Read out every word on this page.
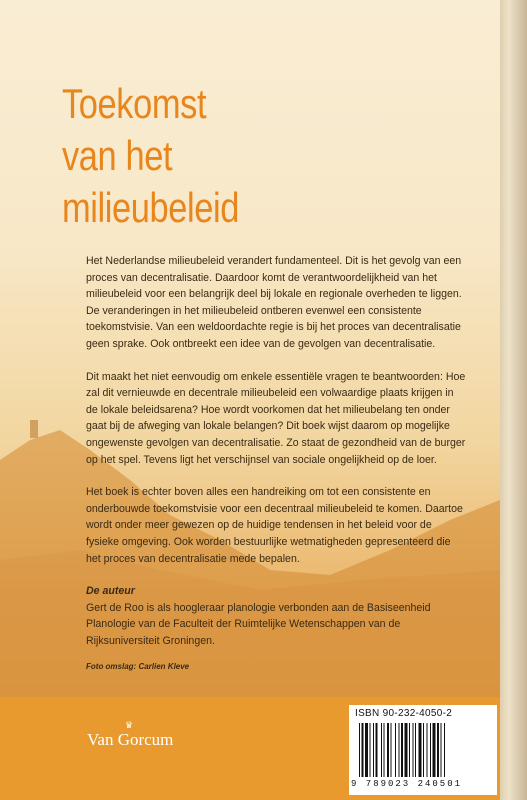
Toekomst
van het
milieubeleid

Het Nederlandse milieubeleid verandert fundamenteel. Dit is het gevolg van een proces van decentralisatie. Daardoor komt de verantwoordelijkheid van het milieubeleid voor een belangrijk deel bij lokale en regionale overheden te liggen. De veranderingen in het milieubeleid ontberen evenwel een consistente toekomstvisie. Van een weldoordachte regie is bij het proces van decentralisatie geen sprake. Ook ontbreekt een idee van de gevolgen van decentralisatie.

Dit maakt het niet eenvoudig om enkele essentiële vragen te beantwoorden: Hoe zal dit vernieuwde en decentrale milieubeleid een volwaardige plaats krijgen in de lokale beleidsarena? Hoe wordt voorkomen dat het milieubelang ten onder gaat bij de afweging van lokale belangen? Dit boek wijst daarom op mogelijke ongewenste gevolgen van decentralisatie. Zo staat de gezondheid van de burger op het spel. Tevens ligt het verschijnsel van sociale ongelijkheid op de loer.

Het boek is echter boven alles een handreiking om tot een consistente en onderbouwde toekomstvisie voor een decentraal milieubeleid te komen. Daartoe wordt onder meer gewezen op de huidige tendensen in het beleid voor de fysieke omgeving. Ook worden bestuurlijke wetmatigheden gepresenteerd die het proces van decentralisatie mede bepalen.

De auteur
Gert de Roo is als hoogleraar planologie verbonden aan de Basiseenheid Planologie van de Faculteit der Ruimtelijke Wetenschappen van de Rijksuniversiteit Groningen.
Foto omslag: Carlien Kleve
♛
Van Gorcum
ISBN 90-232-4050-2
9 789023 240501
